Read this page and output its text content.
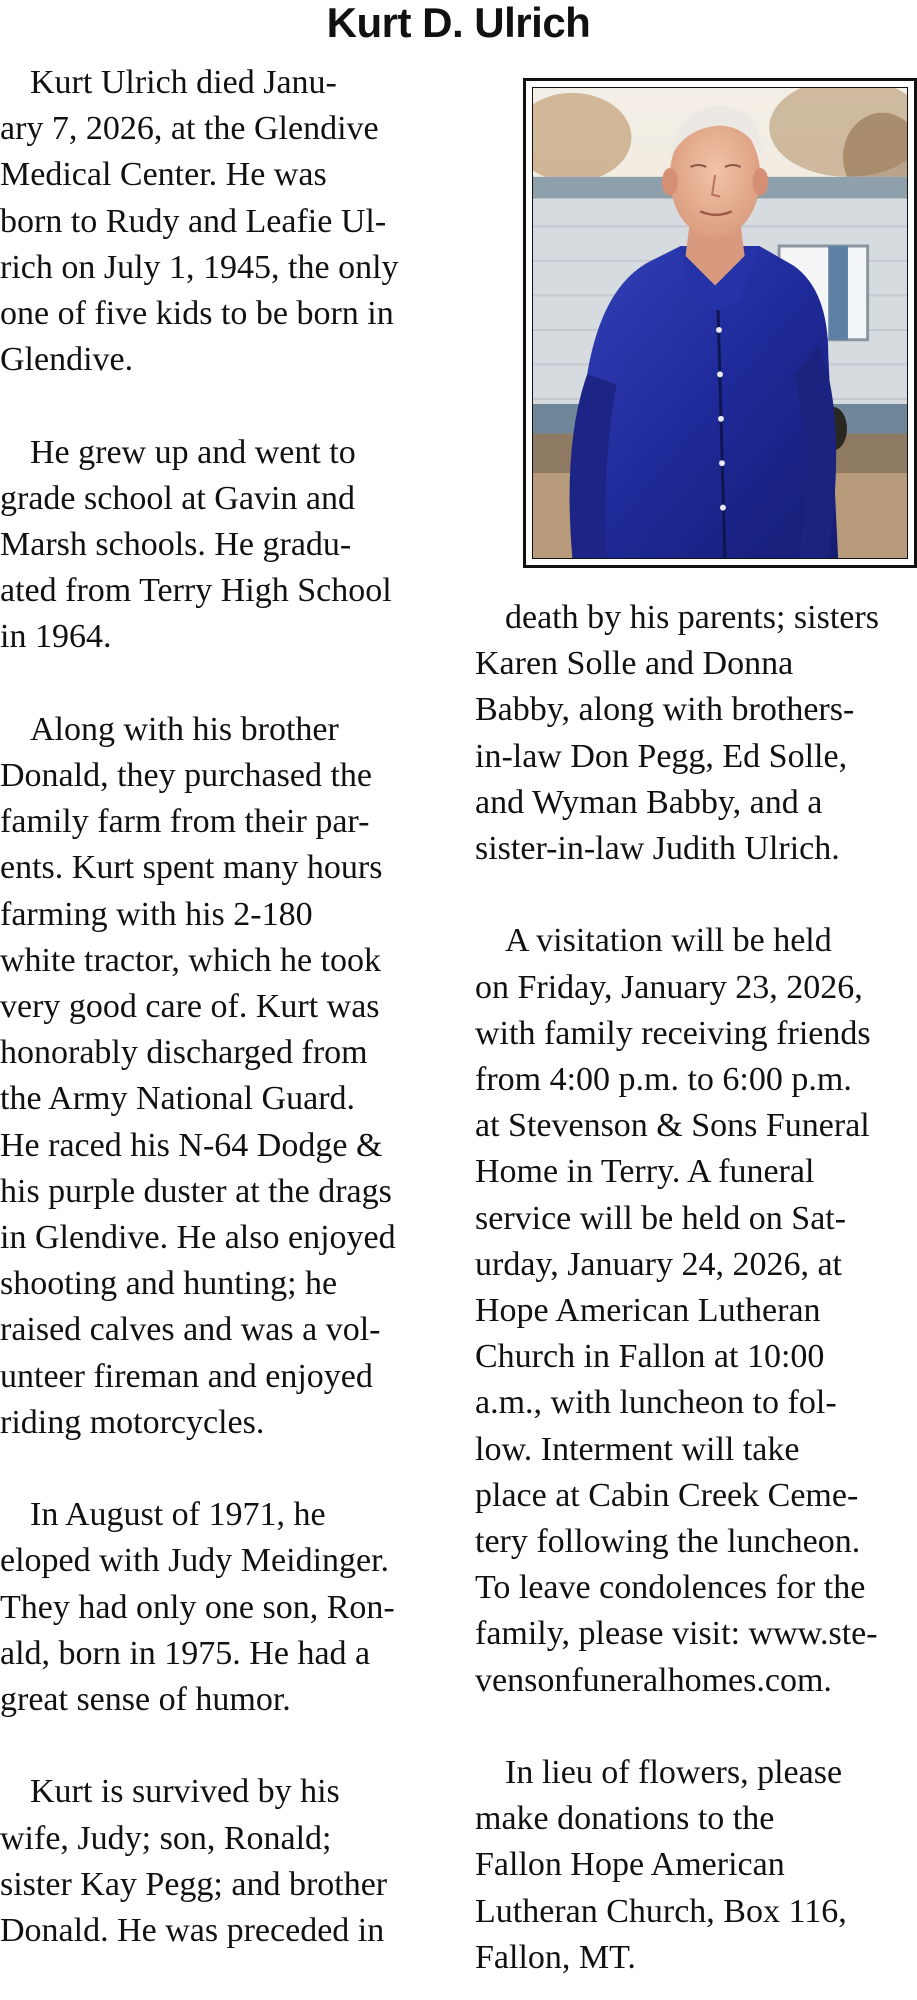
Kurt D. Ulrich
Kurt Ulrich died Janu-
ary 7, 2026, at the Glendive
Medical Center. He was
born to Rudy and Leafie Ul-
rich on July 1, 1945, the only
one of five kids to be born in
Glendive.
He grew up and went to
grade school at Gavin and
Marsh schools. He gradu-
ated from Terry High School
in 1964.
Along with his brother
Donald, they purchased the
family farm from their par-
ents. Kurt spent many hours
farming with his 2-180
white tractor, which he took
very good care of. Kurt was
honorably discharged from
the Army National Guard.
He raced his N-64 Dodge &
his purple duster at the drags
in Glendive. He also enjoyed
shooting and hunting; he
raised calves and was a vol-
unteer fireman and enjoyed
riding motorcycles.
In August of 1971, he
eloped with Judy Meidinger.
They had only one son, Ron-
ald, born in 1975. He had a
great sense of humor.
Kurt is survived by his
wife, Judy; son, Ronald;
sister Kay Pegg; and brother
Donald. He was preceded in
death by his parents; sisters
Karen Solle and Donna
Babby, along with brothers-
in-law Don Pegg, Ed Solle,
and Wyman Babby, and a
sister-in-law Judith Ulrich.
A visitation will be held
on Friday, January 23, 2026,
with family receiving friends
from 4:00 p.m. to 6:00 p.m.
at Stevenson & Sons Funeral
Home in Terry. A funeral
service will be held on Sat-
urday, January 24, 2026, at
Hope American Lutheran
Church in Fallon at 10:00
a.m., with luncheon to fol-
low. Interment will take
place at Cabin Creek Ceme-
tery following the luncheon.
To leave condolences for the
family, please visit: www.ste-
vensonfuneralhomes.com.
In lieu of flowers, please
make donations to the
Fallon Hope American
Lutheran Church, Box 116,
Fallon, MT.
